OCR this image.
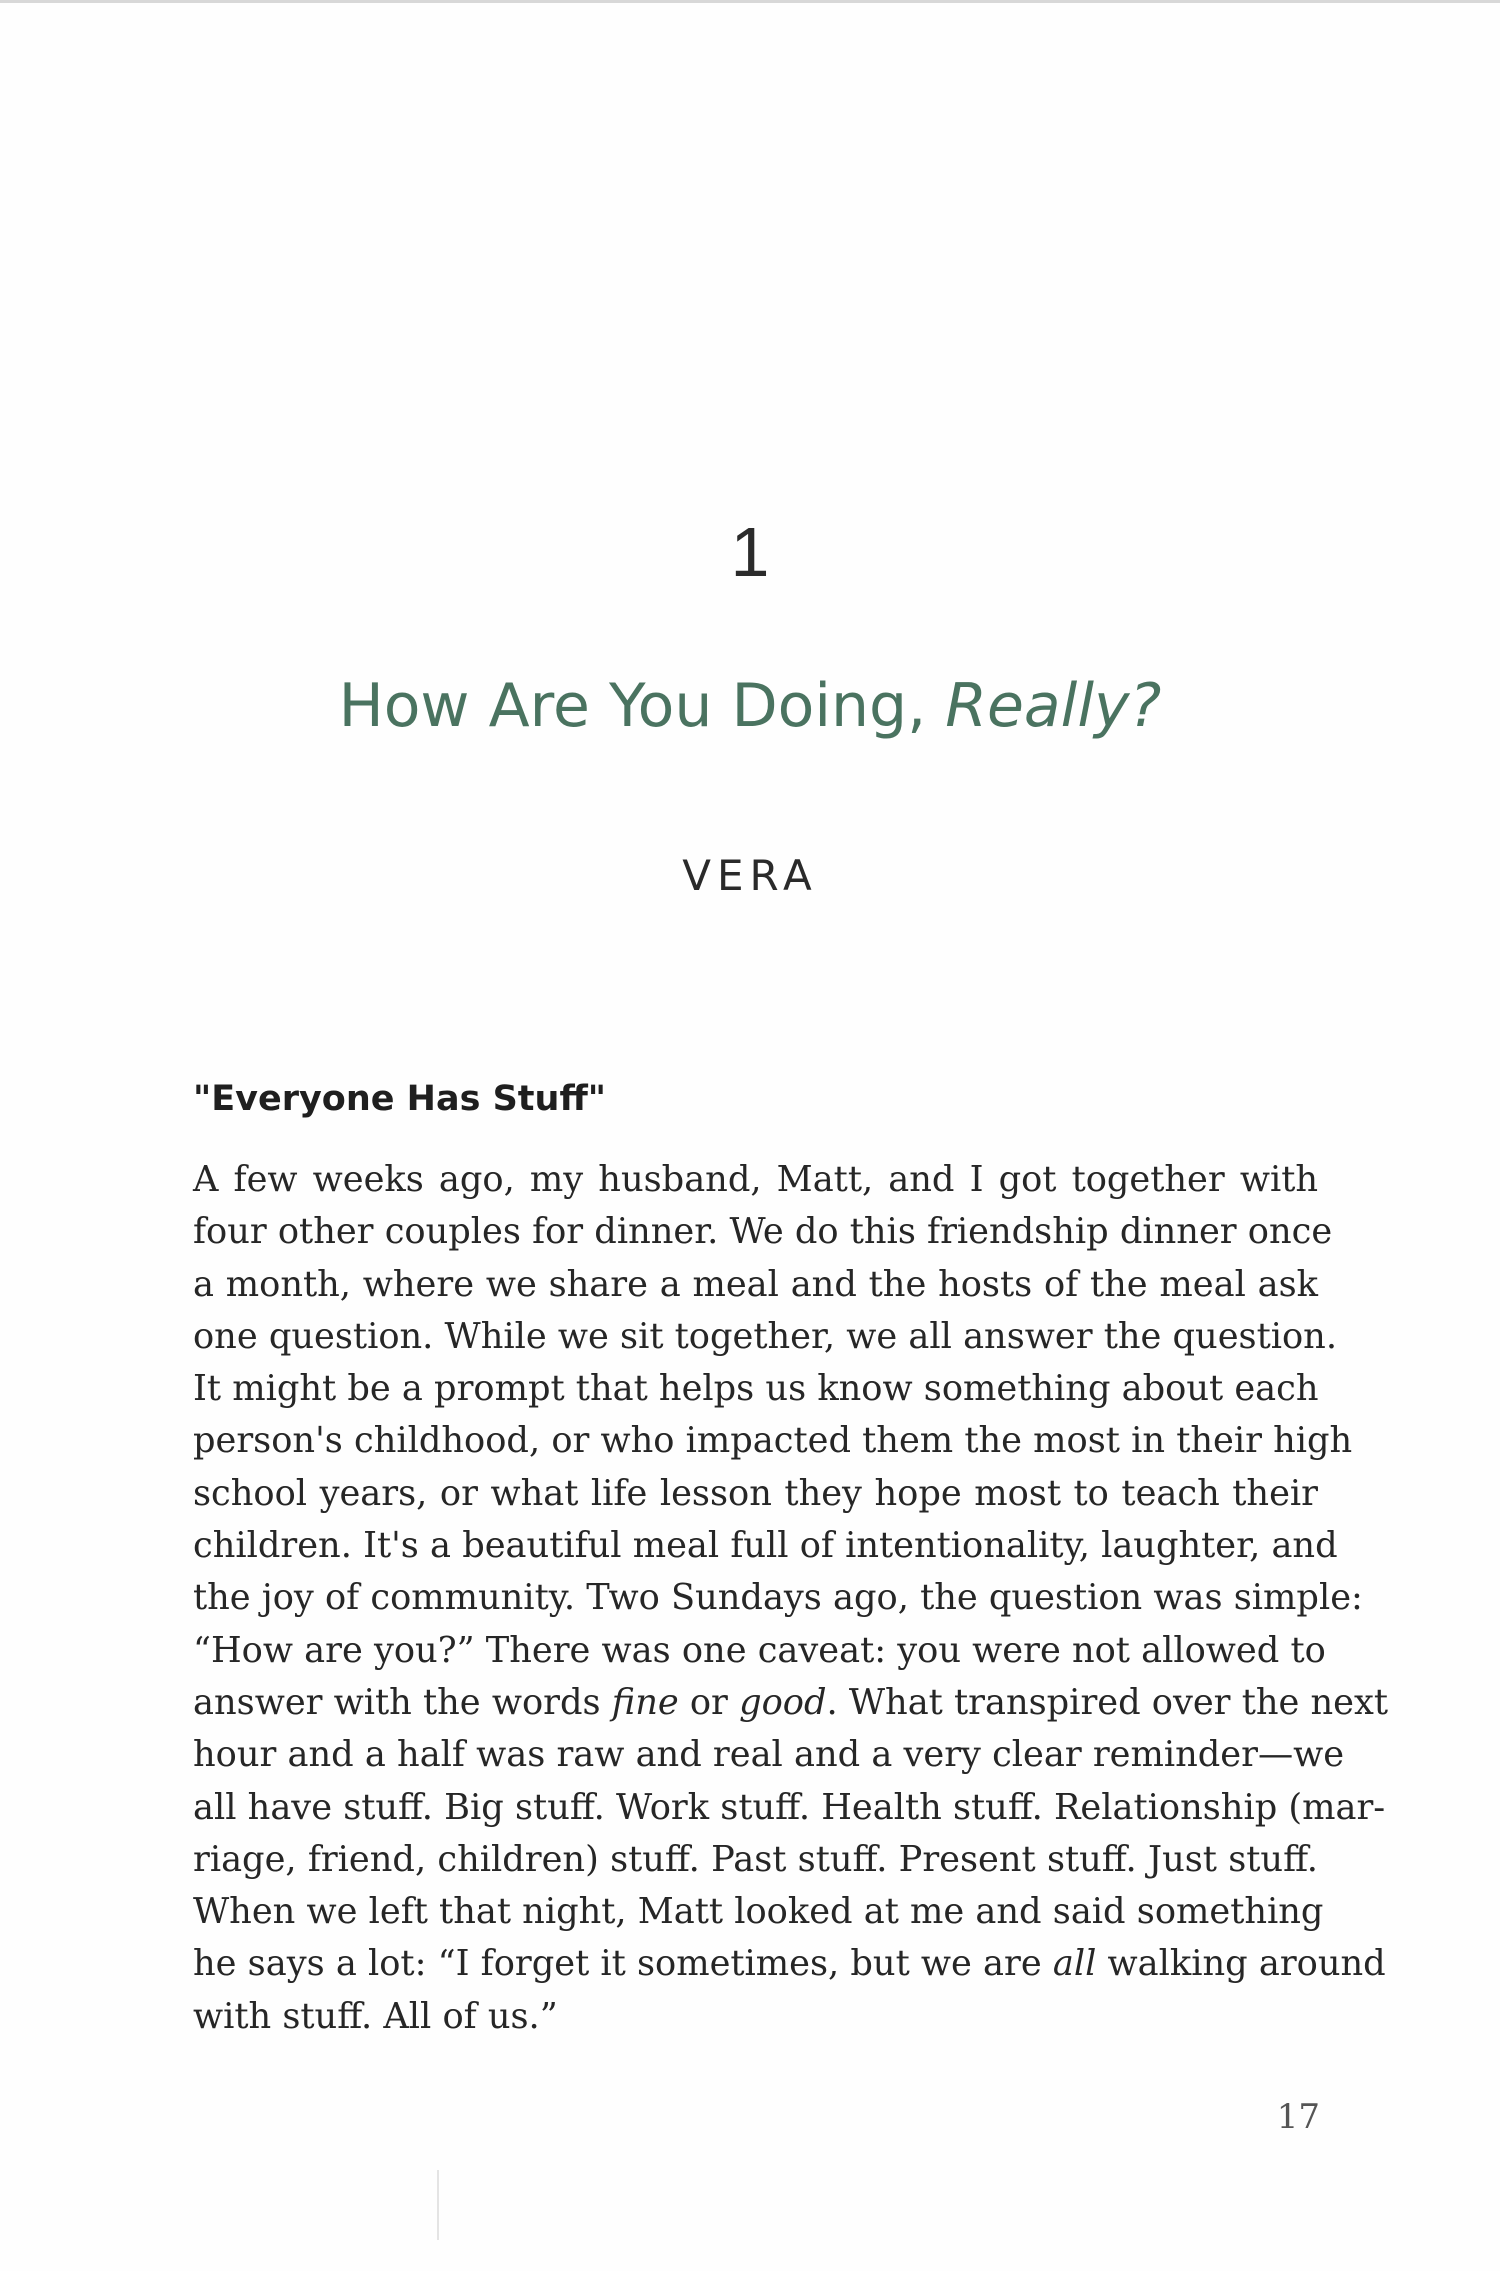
1
How Are You Doing, Really?
VERA
"Everyone Has Stuff"
A few weeks ago, my husband, Matt, and I got together with
four other couples for dinner. We do this friendship dinner once
a month, where we share a meal and the hosts of the meal ask
one question. While we sit together, we all answer the question.
It might be a prompt that helps us know something about each
person's childhood, or who impacted them the most in their high
school years, or what life lesson they hope most to teach their
children. It's a beautiful meal full of intentionality, laughter, and
the joy of community. Two Sundays ago, the question was simple:
“How are you?” There was one caveat: you were not allowed to
answer with the words fine or good. What transpired over the next
hour and a half was raw and real and a very clear reminder—we
all have stuff. Big stuff. Work stuff. Health stuff. Relationship (mar-
riage, friend, children) stuff. Past stuff. Present stuff. Just stuff.
When we left that night, Matt looked at me and said something
he says a lot: “I forget it sometimes, but we are all walking around
with stuff. All of us.”
17
